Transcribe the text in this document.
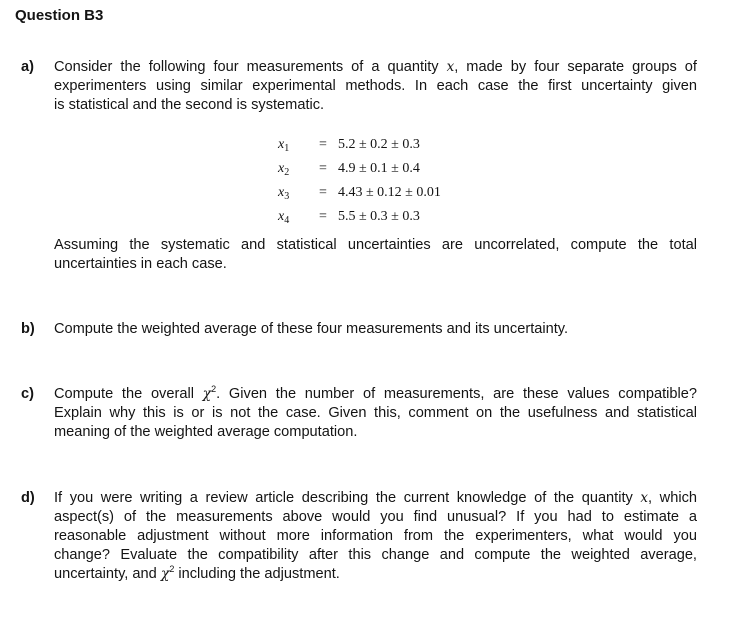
Question B3
a)	Consider the following four measurements of a quantity x, made by four separate groups of
experimenters using similar experimental methods. In each case the first uncertainty given
is statistical and the second is systematic.
$x_1$	=	5.2 ± 0.2 ± 0.3
$x_2$	=	4.9 ± 0.1 ± 0.4
$x_3$	=	4.43 ± 0.12 ± 0.01
$x_4$	=	5.5 ± 0.3 ± 0.3
Assuming the systematic and statistical uncertainties are uncorrelated, compute the total
uncertainties in each case.
b)	Compute the weighted average of these four measurements and its uncertainty.
c)	Compute the overall $\chi^2$. Given the number of measurements, are these values compatible?
Explain why this is or is not the case. Given this, comment on the usefulness and statistical
meaning of the weighted average computation.
d)	If you were writing a review article describing the current knowledge of the quantity x, which
aspect(s) of the measurements above would you find unusual? If you had to estimate a
reasonable adjustment without more information from the experimenters, what would you
change? Evaluate the compatibility after this change and compute the weighted average,
uncertainty, and $\chi^2$ including the adjustment.
